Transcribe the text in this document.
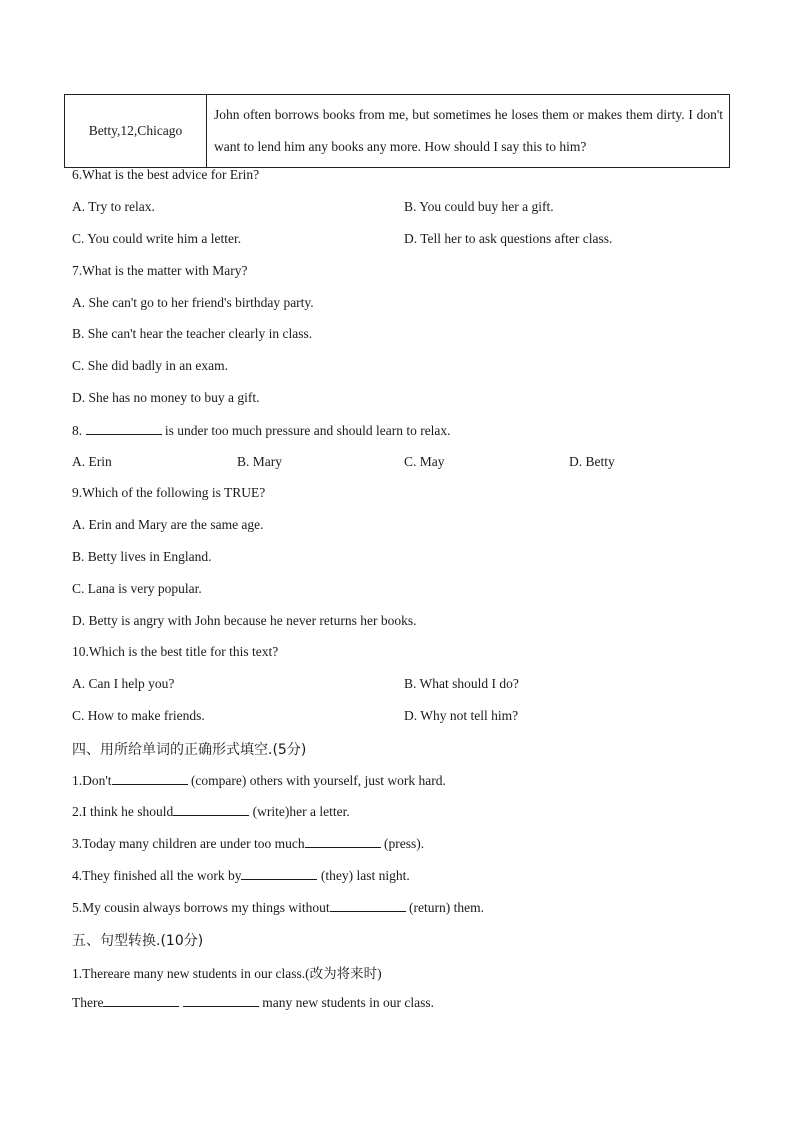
Betty,12,Chicago	John often borrows books from me, but sometimes he loses them or makes them dirty. I don't want to lend him any books any more. How should I say this to him?
6.What is the best advice for Erin?
A. Try to relax.	B. You could buy her a gift.
C. You could write him a letter.	D. Tell her to ask questions after class.
7.What is the matter with Mary?
A. She can't go to her friend's birthday party.
B. She can't hear the teacher clearly in class.
C. She did badly in an exam.
D. She has no money to buy a gift.
8.	is under too much pressure and should learn to relax.
A. Erin	B. Mary	C. May	D. Betty
9.Which of the following is TRUE?
A. Erin and Mary are the same age.
B. Betty lives in England.
C. Lana is very popular.
D. Betty is angry with John because he never returns her books.
10.Which is the best title for this text?
A. Can I help you?	B. What should I do?
C. How to make friends.	D. Why not tell him?
四、用所给单词的正确形式填空.(5分)
1.Don't	(compare) others with yourself, just work hard.
2.I think he should	(write)her a letter.
3.Today many children are under too much	(press).
4.They finished all the work by	(they) last night.
5.My cousin always borrows my things without	(return) them.
五、句型转换.(10分)
1.Thereare many new students in our class.(改为将来时)
There	many new students in our class.
